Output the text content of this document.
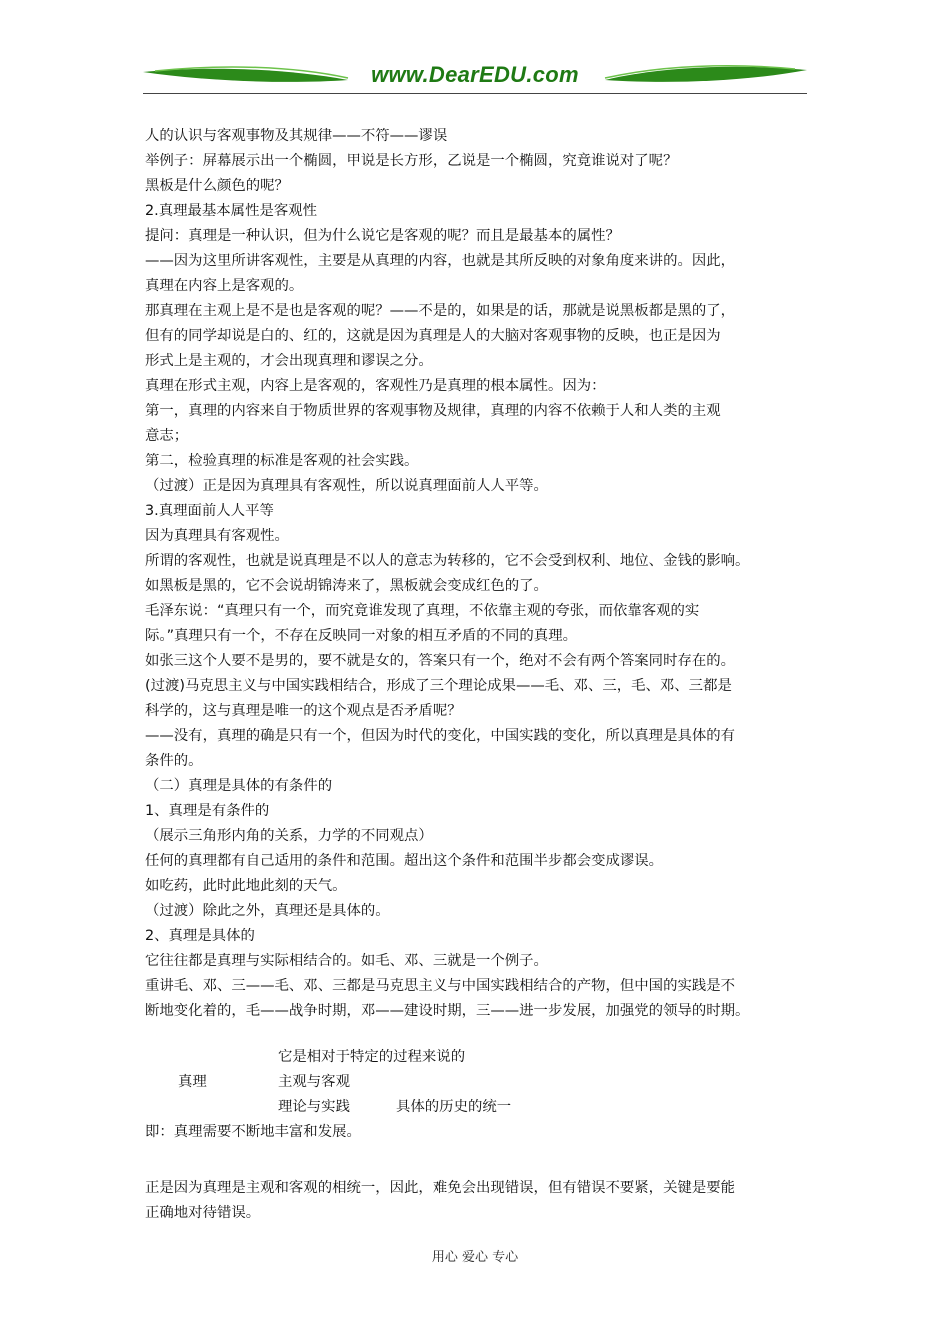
www.DearEDU.com

人的认识与客观事物及其规律——不符——谬误

举例子：屏幕展示出一个椭圆，甲说是长方形，乙说是一个椭圆，究竟谁说对了呢？

黑板是什么颜色的呢？

2.真理最基本属性是客观性

提问：真理是一种认识，但为什么说它是客观的呢？而且是最基本的属性？

——因为这里所讲客观性，主要是从真理的内容，也就是其所反映的对象角度来讲的。因此，

真理在内容上是客观的。

那真理在主观上是不是也是客观的呢？——不是的，如果是的话，那就是说黑板都是黑的了，

但有的同学却说是白的、红的，这就是因为真理是人的大脑对客观事物的反映，也正是因为

形式上是主观的，才会出现真理和谬误之分。

真理在形式主观，内容上是客观的，客观性乃是真理的根本属性。因为：

第一，真理的内容来自于物质世界的客观事物及规律，真理的内容不依赖于人和人类的主观

意志；

第二，检验真理的标准是客观的社会实践。

（过渡）正是因为真理具有客观性，所以说真理面前人人平等。

3.真理面前人人平等

因为真理具有客观性。

所谓的客观性，也就是说真理是不以人的意志为转移的，它不会受到权利、地位、金钱的影响。

如黑板是黑的，它不会说胡锦涛来了，黑板就会变成红色的了。

毛泽东说：“真理只有一个，而究竟谁发现了真理，不依靠主观的夸张，而依靠客观的实

际。”真理只有一个，不存在反映同一对象的相互矛盾的不同的真理。

如张三这个人要不是男的，要不就是女的，答案只有一个，绝对不会有两个答案同时存在的。

(过渡)马克思主义与中国实践相结合，形成了三个理论成果——毛、邓、三，毛、邓、三都是

科学的，这与真理是唯一的这个观点是否矛盾呢？

——没有，真理的确是只有一个，但因为时代的变化，中国实践的变化，所以真理是具体的有

条件的。

（二）真理是具体的有条件的

1、真理是有条件的

（展示三角形内角的关系，力学的不同观点）

任何的真理都有自己适用的条件和范围。超出这个条件和范围半步都会变成谬误。

如吃药，此时此地此刻的天气。

（过渡）除此之外，真理还是具体的。

2、真理是具体的

它往往都是真理与实际相结合的。如毛、邓、三就是一个例子。

重讲毛、邓、三——毛、邓、三都是马克思主义与中国实践相结合的产物，但中国的实践是不

断地变化着的，毛——战争时期，邓——建设时期，三——进一步发展，加强党的领导的时期。

它是相对于特定的过程来说的
真理	主观与客观
理论与实践	具体的历史的统一

即：真理需要不断地丰富和发展。

正是因为真理是主观和客观的相统一，因此，难免会出现错误，但有错误不要紧，关键是要能

正确地对待错误。

用心 爱心 专心
